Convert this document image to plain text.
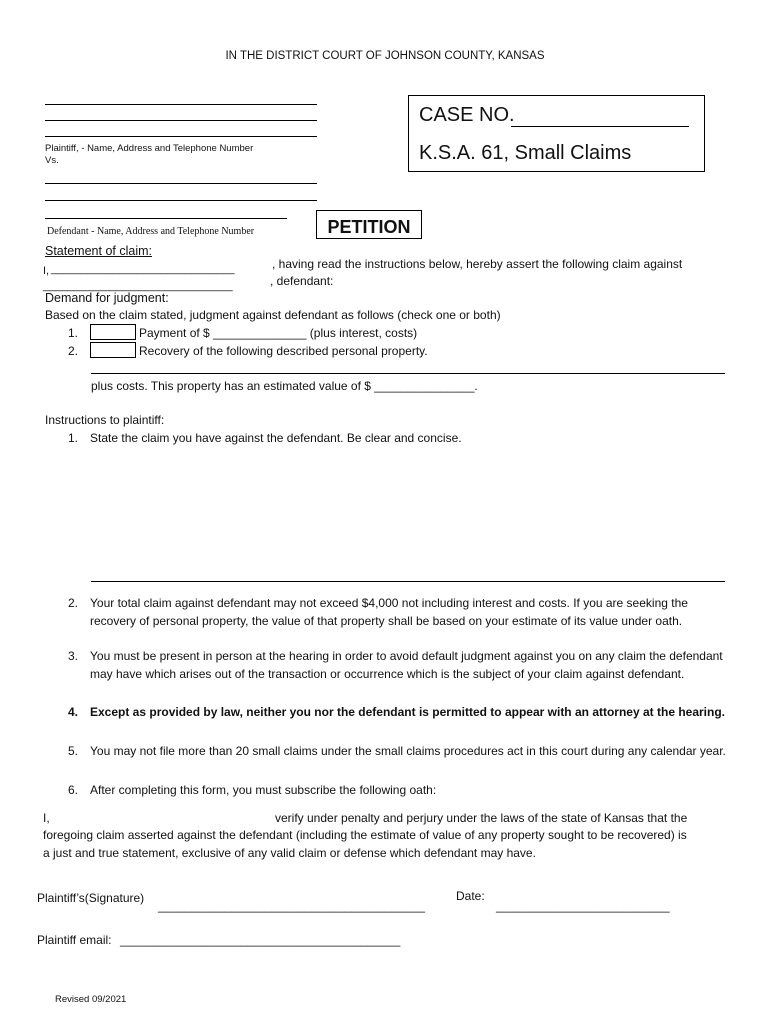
IN THE DISTRICT COURT OF JOHNSON COUNTY, KANSAS
Plaintiff, - Name, Address and Telephone Number
Vs.
Defendant - Name, Address and Telephone Number
CASE NO.
K.S.A. 61, Small Claims
PETITION
Statement of claim:
I, ______________________________	, having read the instructions below, hereby assert the following claim against
_______________________________	, defendant:
Demand for judgment:
Based on the claim stated, judgment against defendant as follows (check one or both)
1.	Payment of $ ______________ (plus interest, costs)
2.	Recovery of the following described personal property.
plus costs. This property has an estimated value of $ _______________.
Instructions to plaintiff:
1. State the claim you have against the defendant. Be clear and concise.
2. Your total claim against defendant may not exceed $4,000 not including interest and costs. If you are seeking the recovery of personal property, the value of that property shall be based on your estimate of its value under oath.
3. You must be present in person at the hearing in order to avoid default judgment against you on any claim the defendant may have which arises out of the transaction or occurrence which is the subject of your claim against defendant.
4. Except as provided by law, neither you nor the defendant is permitted to appear with an attorney at the hearing.
5. You may not file more than 20 small claims under the small claims procedures act in this court during any calendar year.
6. After completing this form, you must subscribe the following oath:
I,	verify under penalty and perjury under the laws of the state of Kansas that the
foregoing claim asserted against the defendant (including the estimate of value of any property sought to be recovered) is
a just and true statement, exclusive of any valid claim or defense which defendant may have.
Plaintiff’s(Signature)
________________________________________
Date:
__________________________
Plaintiff email: __________________________________________
Revised 09/2021
